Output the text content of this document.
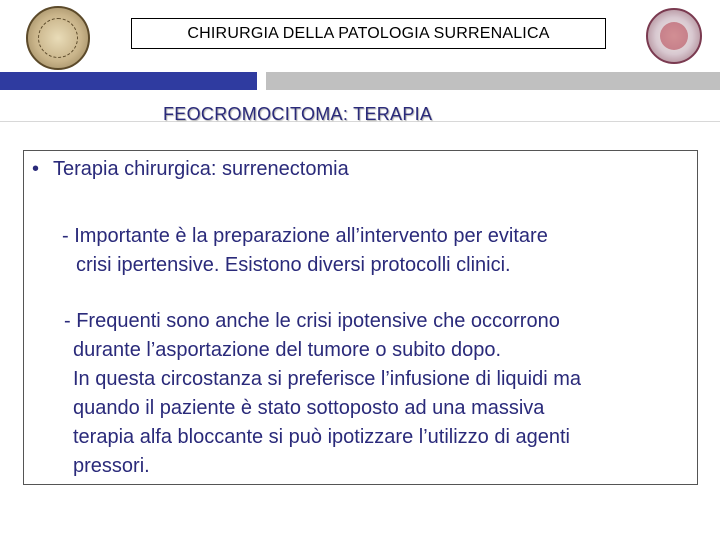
CHIRURGIA DELLA PATOLOGIA SURRENALICA
FEOCROMOCITOMA: TERAPIA
• Terapia chirurgica: surrenectomia
- Importante è la preparazione all’intervento per evitare
crisi ipertensive. Esistono diversi protocolli clinici.
- Frequenti sono anche le crisi ipotensive che occorrono
durante l’asportazione del tumore o subito dopo.
In questa circostanza si preferisce l’infusione di liquidi ma
quando il paziente è stato sottoposto ad una massiva
terapia alfa bloccante si può ipotizzare l’utilizzo di agenti
pressori.
